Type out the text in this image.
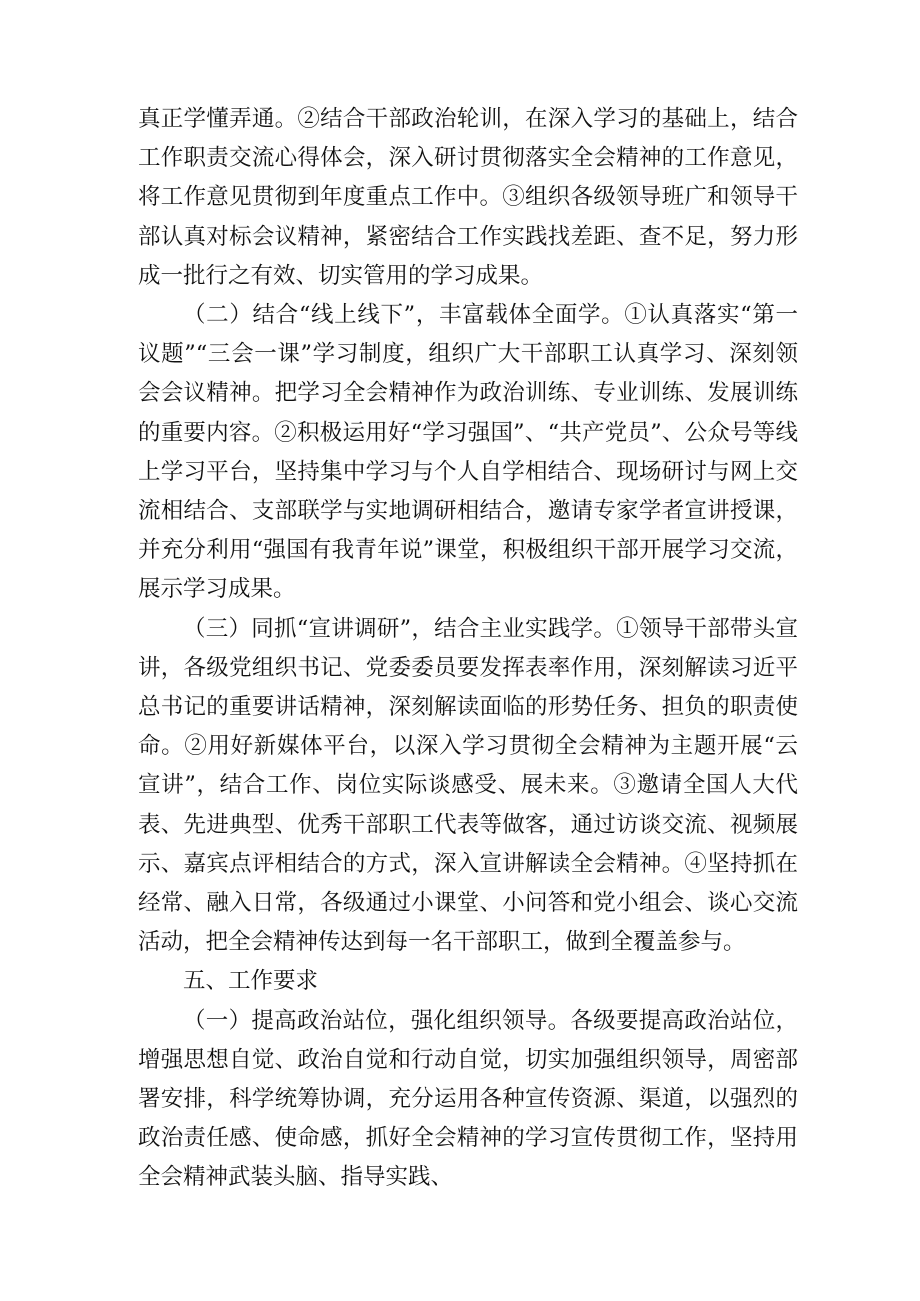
真正学懂弄通。②结合干部政治轮训，在深入学习的基础上，结合工作职责交流心得体会，深入研讨贯彻落实全会精神的工作意见，将工作意见贯彻到年度重点工作中。③组织各级领导班广和领导干部认真对标会议精神，紧密结合工作实践找差距、查不足，努力形成一批行之有效、切实管用的学习成果。

（二）结合“线上线下”，丰富载体全面学。①认真落实“第一议题”“三会一课”学习制度，组织广大干部职工认真学习、深刻领会会议精神。把学习全会精神作为政治训练、专业训练、发展训练的重要内容。②积极运用好“学习强国”、“共产党员”、公众号等线上学习平台，坚持集中学习与个人自学相结合、现场研讨与网上交流相结合、支部联学与实地调研相结合，邀请专家学者宣讲授课，并充分利用“强国有我青年说”课堂，积极组织干部开展学习交流，展示学习成果。

（三）同抓“宣讲调研”，结合主业实践学。①领导干部带头宣讲，各级党组织书记、党委委员要发挥表率作用，深刻解读习近平总书记的重要讲话精神，深刻解读面临的形势任务、担负的职责使命。②用好新媒体平台，以深入学习贯彻全会精神为主题开展“云宣讲”，结合工作、岗位实际谈感受、展未来。③邀请全国人大代表、先进典型、优秀干部职工代表等做客，通过访谈交流、视频展示、嘉宾点评相结合的方式，深入宣讲解读全会精神。④坚持抓在经常、融入日常，各级通过小课堂、小问答和党小组会、谈心交流活动，把全会精神传达到每一名干部职工，做到全覆盖参与。

五、工作要求

（一）提高政治站位，强化组织领导。各级要提高政治站位，增强思想自觉、政治自觉和行动自觉，切实加强组织领导，周密部署安排，科学统筹协调，充分运用各种宣传资源、渠道，以强烈的政治责任感、使命感，抓好全会精神的学习宣传贯彻工作，坚持用全会精神武装头脑、指导实践、
